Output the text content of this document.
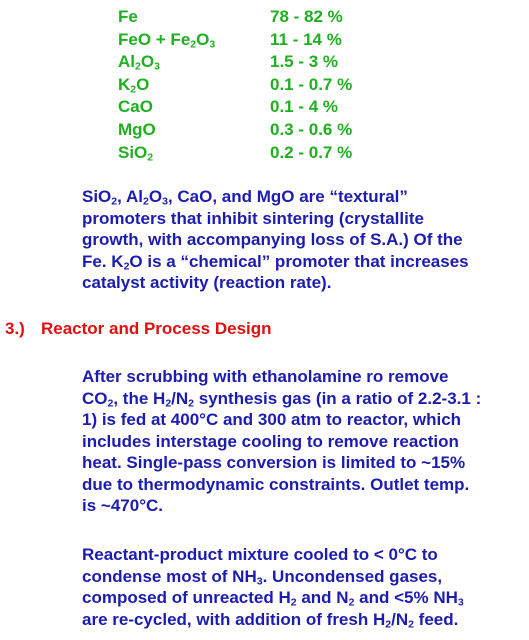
Fe	78 - 82 %
FeO + $Fe_2O_3$	11 - 14 %
$Al_2O_3$	1.5 - 3 %
$K_2O$	0.1 - 0.7 %
CaO	0.1 - 4 %
MgO	0.3 - 0.6 %
SiO$_2$	0.2 - 0.7 %
SiO$_2$, $Al_2O_3$, CaO, and MgO are “textural”
promoters that inhibit sintering (crystallite
growth, with accompanying loss of S.A.) Of the
Fe. $K_2O$ is a “chemical” promoter that increases
catalyst activity (reaction rate).
3.) Reactor and Process Design
After scrubbing with ethanolamine ro remove
$CO_2$, the $H_2/N_2$ synthesis gas (in a ratio of 2.2-3.1 :
1) is fed at 400°C and 300 atm to reactor, which
includes interstage cooling to remove reaction
heat. Single-pass conversion is limited to ~15%
due to thermodynamic constraints. Outlet temp.
is ~470°C.
Reactant-product mixture cooled to < 0°C to
condense most of $NH_3$. Uncondensed gases,
composed of unreacted $H_2$ and $N_2$ and <5% $NH_3$
are re-cycled, with addition of fresh $H_2/N_2$ feed.
